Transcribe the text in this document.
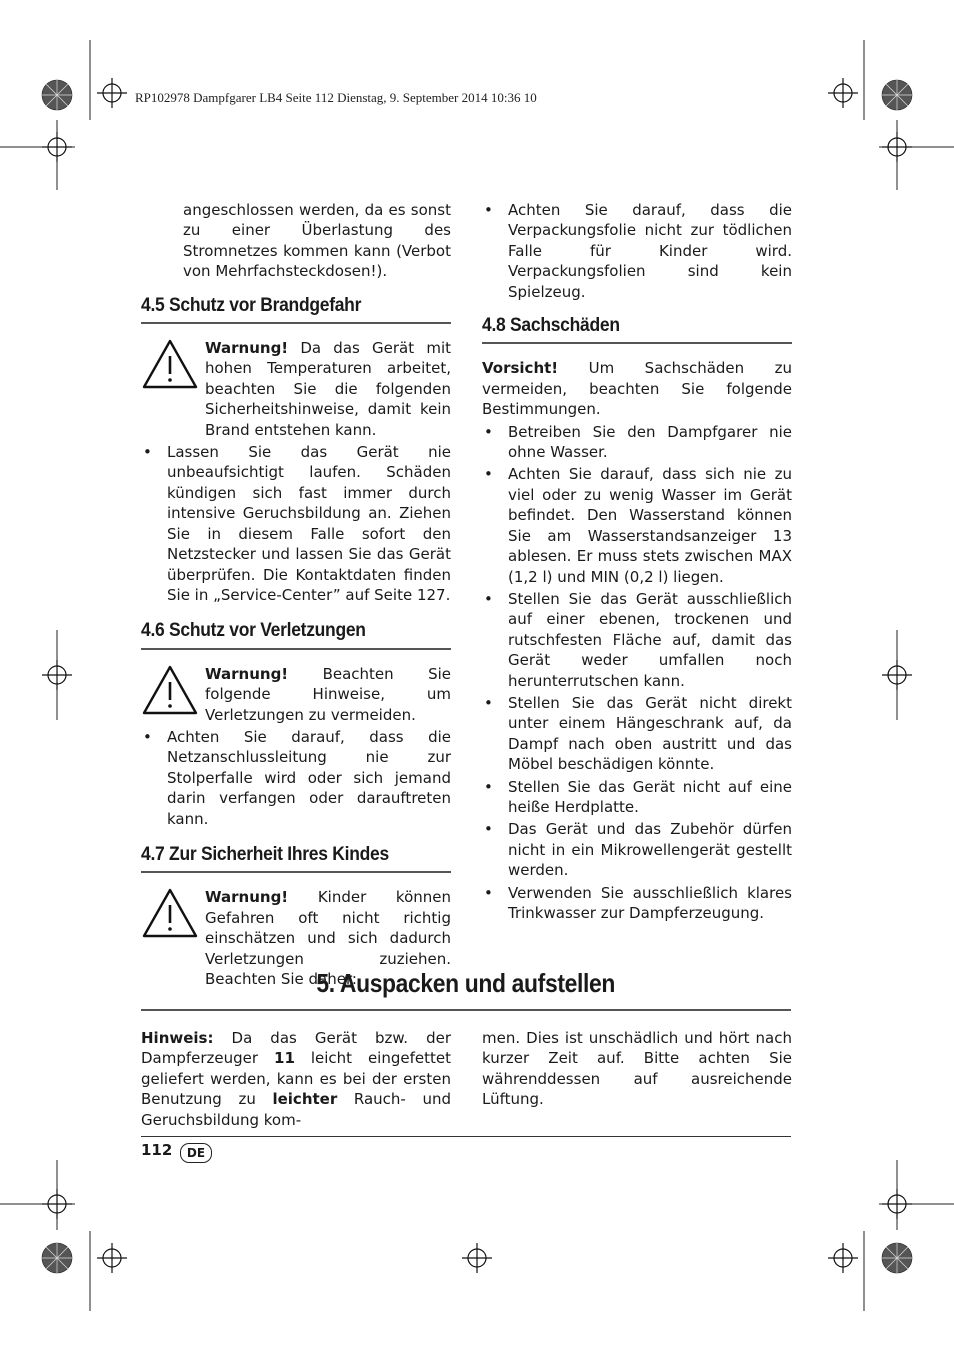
RP102978 Dampfgarer LB4 Seite 112 Dienstag, 9. September 2014 10:36 10
angeschlossen werden, da es sonst zu einer Überlastung des Stromnetzes kommen kann (Verbot von Mehrfachsteckdosen!).
4.5 Schutz vor Brandgefahr
Warnung! Da das Gerät mit hohen Temperaturen arbeitet, beachten Sie die folgenden Sicherheitshinweise, damit kein Brand entstehen kann.
• Lassen Sie das Gerät nie unbeaufsichtigt laufen. Schäden kündigen sich fast immer durch intensive Geruchsbildung an. Ziehen Sie in diesem Falle sofort den Netzstecker und lassen Sie das Gerät überprüfen. Die Kontaktdaten finden Sie in „Service-Center” auf Seite 127.
4.6 Schutz vor Verletzungen
Warnung! Beachten Sie folgende Hinweise, um Verletzungen zu vermeiden.
• Achten Sie darauf, dass die Netzanschlussleitung nie zur Stolperfalle wird oder sich jemand darin verfangen oder darauftreten kann.
4.7 Zur Sicherheit Ihres Kindes
Warnung! Kinder können Gefahren oft nicht richtig einschätzen und sich dadurch Verletzungen zuziehen. Beachten Sie daher:
• Achten Sie darauf, dass die Verpackungsfolie nicht zur tödlichen Falle für Kinder wird. Verpackungsfolien sind kein Spielzeug.
4.8 Sachschäden
Vorsicht! Um Sachschäden zu vermeiden, beachten Sie folgende Bestimmungen.
• Betreiben Sie den Dampfgarer nie ohne Wasser.
• Achten Sie darauf, dass sich nie zu viel oder zu wenig Wasser im Gerät befindet. Den Wasserstand können Sie am Wasserstandsanzeiger 13 ablesen. Er muss stets zwischen MAX (1,2 l) und MIN (0,2 l) liegen.
• Stellen Sie das Gerät ausschließlich auf einer ebenen, trockenen und rutschfesten Fläche auf, damit das Gerät weder umfallen noch herunterrutschen kann.
• Stellen Sie das Gerät nicht direkt unter einem Hängeschrank auf, da Dampf nach oben austritt und das Möbel beschädigen könnte.
• Stellen Sie das Gerät nicht auf eine heiße Herdplatte.
• Das Gerät und das Zubehör dürfen nicht in ein Mikrowellengerät gestellt werden.
• Verwenden Sie ausschließlich klares Trinkwasser zur Dampferzeugung.
5. Auspacken und aufstellen
Hinweis: Da das Gerät bzw. der Dampferzeuger 11 leicht eingefettet geliefert werden, kann es bei der ersten Benutzung zu leichter Rauch- und Geruchsbildung kom-
men. Dies ist unschädlich und hört nach kurzer Zeit auf. Bitte achten Sie währenddessen auf ausreichende Lüftung.
112	DE
